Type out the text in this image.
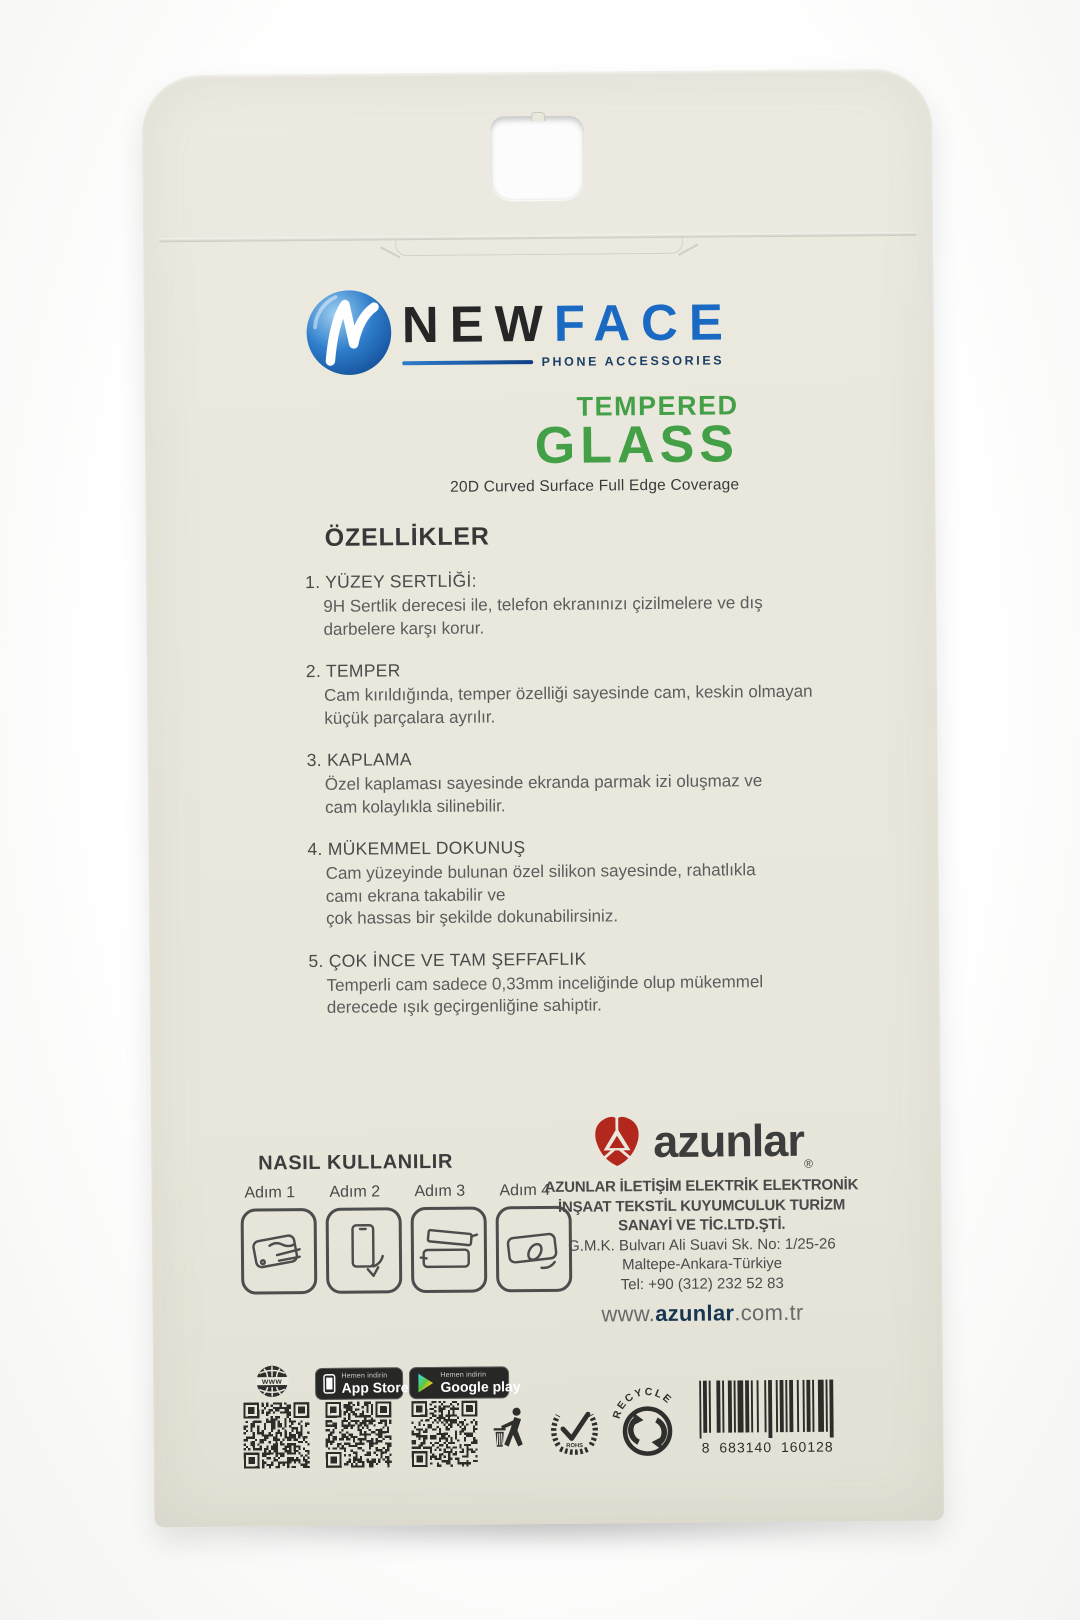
NEWFACE
PHONE ACCESSORIES
TEMPERED
GLASS
20D Curved Surface Full Edge Coverage
ÖZELLİKLER
1. YÜZEY SERTLİĞİ:
9H Sertlik derecesi ile, telefon ekranınızı çizilmelere ve dış
darbelere karşı korur.
2. TEMPER
Cam kırıldığında, temper özelliği sayesinde cam, keskin olmayan
küçük parçalara ayrılır.
3. KAPLAMA
Özel kaplaması sayesinde ekranda parmak izi oluşmaz ve
cam kolaylıkla silinebilir.
4. MÜKEMMEL DOKUNUŞ
Cam yüzeyinde bulunan özel silikon sayesinde, rahatlıkla
camı ekrana takabilir ve
çok hassas bir şekilde dokunabilirsiniz.
5. ÇOK İNCE VE TAM ŞEFFAFLIK
Temperli cam sadece 0,33mm inceliğinde olup mükemmel
derecede ışık geçirgenliğine sahiptir.
NASIL KULLANILIR
Adım 1	Adım 2	Adım 3	Adım 4
azunlar$_®$
AZUNLAR İLETİŞİM ELEKTRİK ELEKTRONİK
İNŞAAT TEKSTİL KUYUMCULUK TURİZM
SANAYİ VE TİC.LTD.ŞTİ.
G.M.K. Bulvarı Ali Suavi Sk. No: 1/25-26
Maltepe-Ankara-Türkiye
Tel: +90 (312) 232 52 83
www.azunlar.com.tr
www
Hemen indirin
App Store
Hemen indirin
Google play
ROHS
RECYCLE
8 683140 160128
